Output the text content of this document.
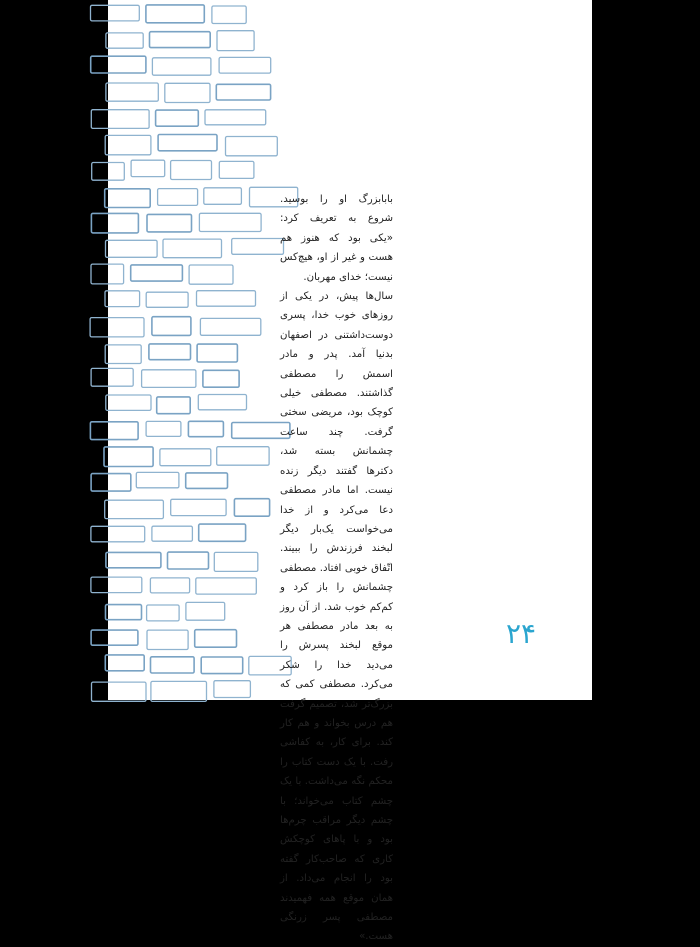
بابابزرگ او را بوسید. شروع به تعریف کرد: «یکی بود که هنوز هم هست و غیر از او، هیچ‌کس نیست؛ خدای مهربان.

سال‌ها پیش، در یکی از روزهای خوب خدا، پسری دوست‌داشتنی در اصفهان بدنیا آمد. پدر و مادر اسمش را مصطفی گذاشتند. مصطفی خیلی کوچک بود، مریضی سختی گرفت. چند ساعت چشمانش بسته شد، دکترها گفتند دیگر زنده نیست. اما مادر مصطفی دعا می‌کرد و از خدا می‌خواست یک‌بار دیگر لبخند فرزندش را ببیند. اتّفاق خوبی افتاد. مصطفی چشمانش را باز کرد و کم‌کم خوب شد. از آن روز به بعد مادر مصطفی هر موقع لبخند پسرش را می‌دید خدا را شکر می‌کرد. مصطفی کمی که بزرگ‌تر شد، تصمیم گرفت هم درس بخواند و هم کار کند. برای کار، به کفاشی رفت. با یک دست کتاب را محکم نگه می‌داشت. با یک چشم کتاب می‌خواند؛ با چشم دیگر مراقب چرم‌ها بود و با پاهای کوچکش کاری که صاحب‌کار گفته بود را انجام می‌داد. از همان موقع همه فهمیدند مصطفی پسر زرنگی هست.»

۲۴
